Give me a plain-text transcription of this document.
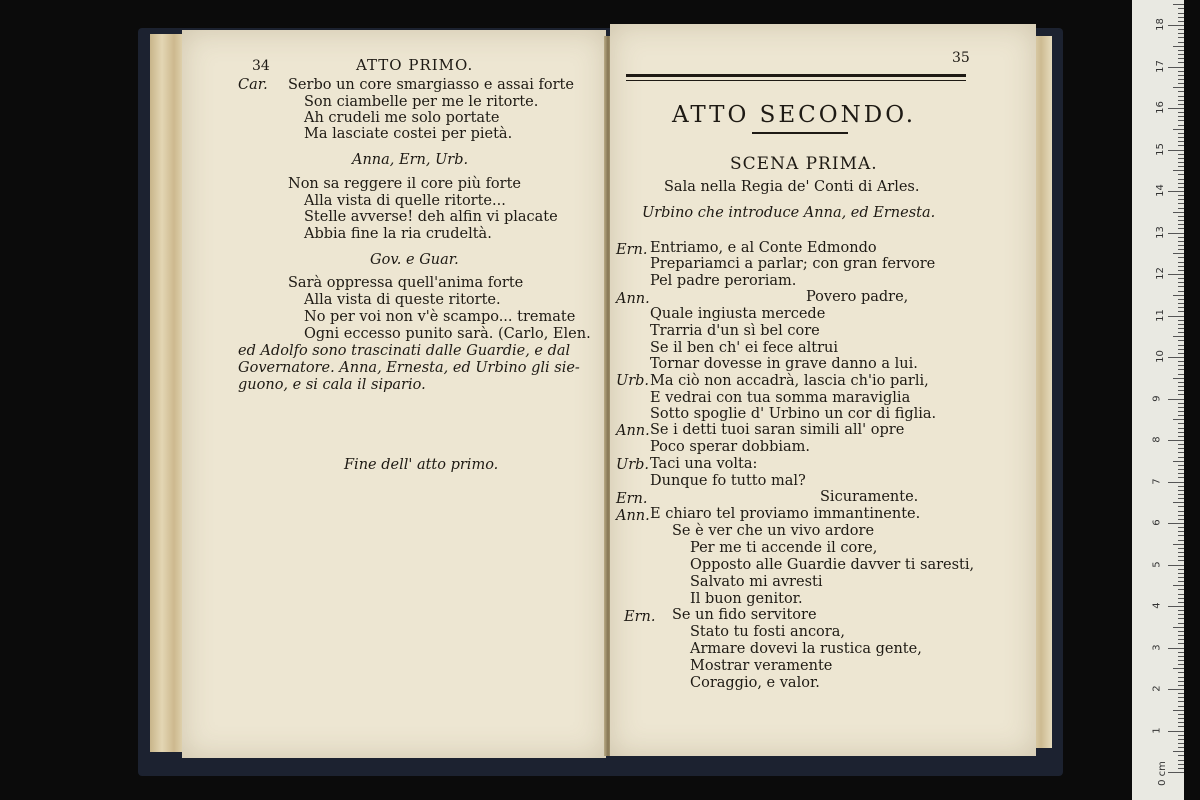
34	ATTO PRIMO.
Car. Serbo un core smargiasso e assai forte
Son ciambelle per me le ritorte.
Ah crudeli me solo portate
Ma lasciate costei per pietà.
Anna, Ern, Urb.
Non sa reggere il core più forte
Alla vista di quelle ritorte...
Stelle avverse! deh alfin vi placate
Abbia fine la ria crudeltà.
Gov. e Guar.
Sarà oppressa quell'anima forte
Alla vista di queste ritorte.
No per voi non v'è scampo... tremate
Ogni eccesso punito sarà. (Carlo, Elen.
ed Adolfo sono trascinati dalle Guardie, e dal
Governatore. Anna, Ernesta, ed Urbino gli sie-
guono, e si cala il sipario.
Fine dell' atto primo.
35
ATTO SECONDO.
SCENA PRIMA.
Sala nella Regia de' Conti di Arles.
Urbino che introduce Anna, ed Ernesta.
Ern. Entriamo, e al Conte Edmondo
Prepariamci a parlar; con gran fervore
Pel padre peroriam.
Ann.	Povero padre,
Quale ingiusta mercede
Trarria d'un sì bel core
Se il ben ch' ei fece altrui
Tornar dovesse in grave danno a lui.
Urb. Ma ciò non accadrà, lascia ch'io parli,
E vedrai con tua somma maraviglia
Sotto spoglie d' Urbino un cor di figlia.
Ann. Se i detti tuoi saran simili all' opre
Poco sperar dobbiam.
Urb. Taci una volta:
Dunque fo tutto mal?
Ern.	Sicuramente.
Ann. E chiaro tel proviamo immantinente.
Se è ver che un vivo ardore
Per me ti accende il core,
Opposto alle Guardie davver ti saresti,
Salvato mi avresti
Il buon genitor.
Ern. Se un fido servitore
Stato tu fosti ancora,
Armare dovevi la rustica gente,
Mostrar veramente
Coraggio, e valor.
0 cm
1
2
3
4
5
6
7
8
9
10
11
12
13
14
15
16
17
18
